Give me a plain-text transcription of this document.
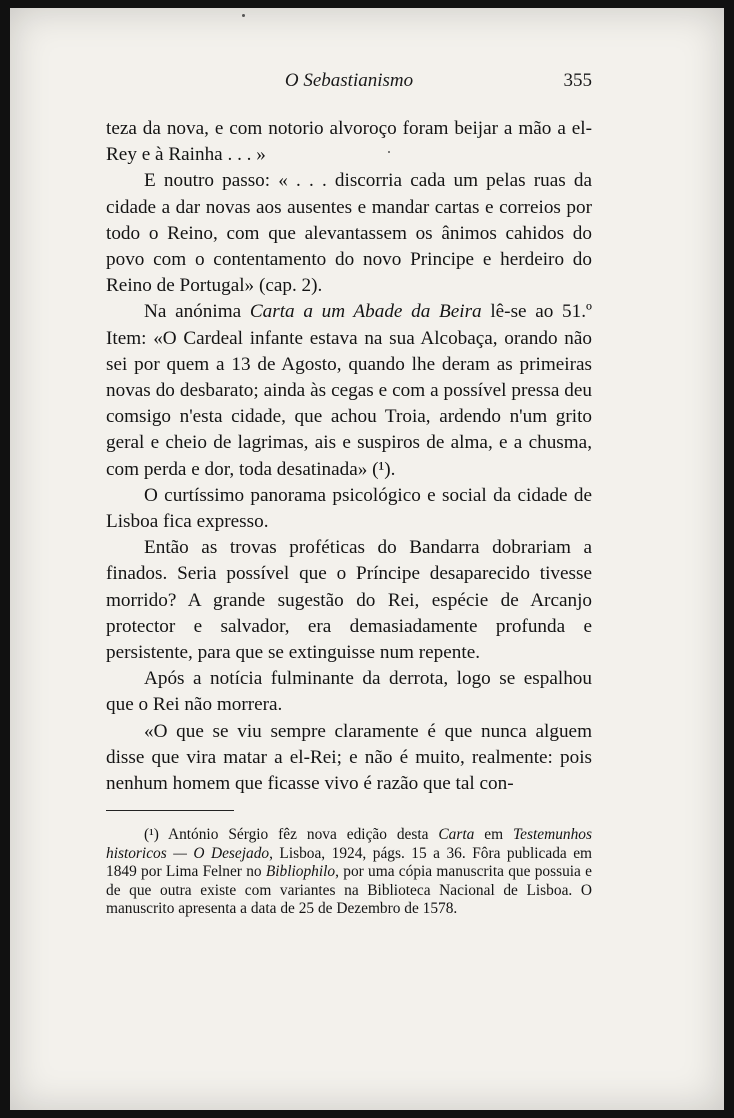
O Sebastianismo	355

teza da nova, e com notorio alvoroço foram beijar a mão a el-Rey e à Rainha . . . »

E noutro passo: « . . . discorria cada um pelas ruas da cidade a dar novas aos ausentes e mandar cartas e correios por todo o Reino, com que alevantassem os ânimos cahidos do povo com o contentamento do novo Principe e herdeiro do Reino de Portugal» (cap. 2).

Na anónima Carta a um Abade da Beira lê-se ao 51.º Item: «O Cardeal infante estava na sua Alcobaça, orando não sei por quem a 13 de Agosto, quando lhe deram as primeiras novas do desbarato; ainda às cegas e com a possível pressa deu comsigo n'esta cidade, que achou Troia, ardendo n'um grito geral e cheio de lagrimas, ais e suspiros de alma, e a chusma, com perda e dor, toda desatinada» (¹).

O curtíssimo panorama psicológico e social da cidade de Lisboa fica expresso.

Então as trovas proféticas do Bandarra dobrariam a finados. Seria possível que o Príncipe desaparecido tivesse morrido? A grande sugestão do Rei, espécie de Arcanjo protector e salvador, era demasiadamente profunda e persistente, para que se extinguisse num repente.

Após a notícia fulminante da derrota, logo se espalhou que o Rei não morrera.

«O que se viu sempre claramente é que nunca alguem disse que vira matar a el-Rei; e não é muito, realmente: pois nenhum homem que ficasse vivo é razão que tal con-

(¹) António Sérgio fêz nova edição desta Carta em Testemunhos historicos — O Desejado, Lisboa, 1924, págs. 15 a 36. Fôra publicada em 1849 por Lima Felner no Bibliophilo, por uma cópia manuscrita que possuia e de que outra existe com variantes na Biblioteca Nacional de Lisboa. O manuscrito apresenta a data de 25 de Dezembro de 1578.
